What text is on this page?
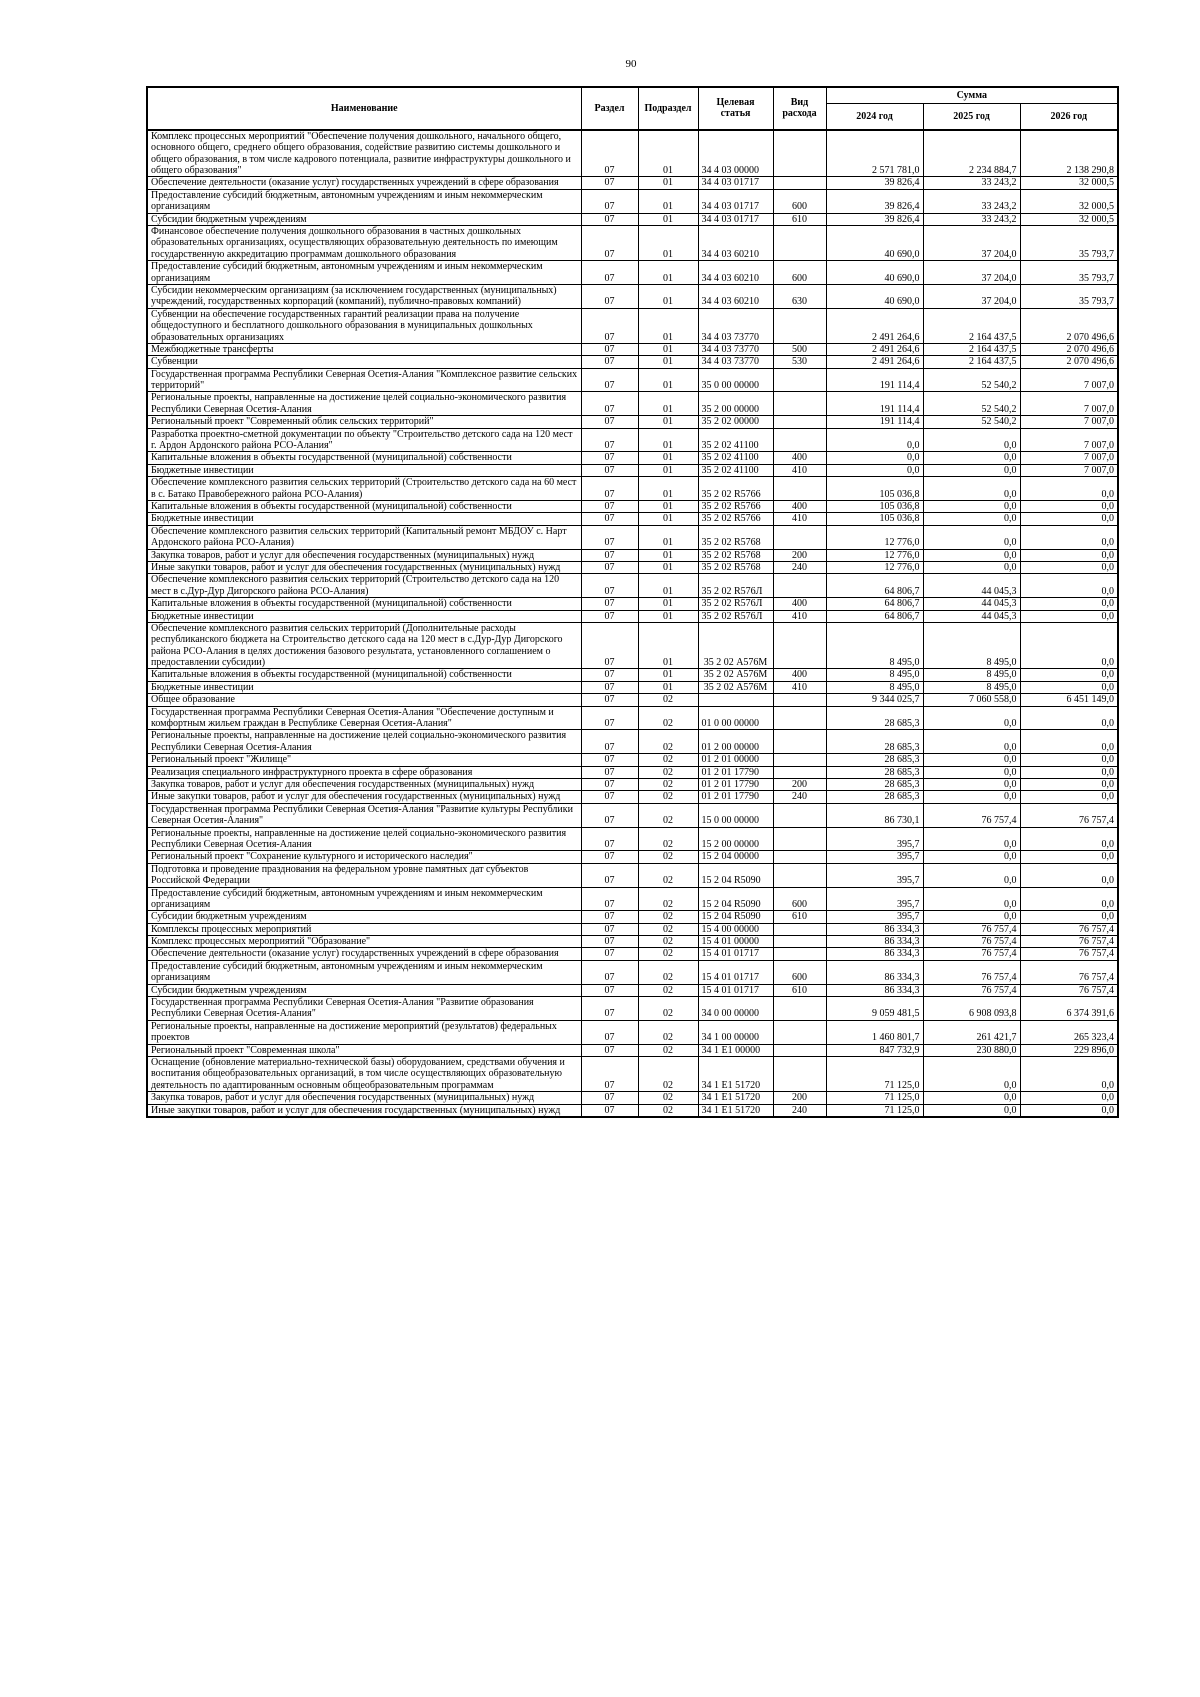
90
Наименование	Раздел	Подраздел	Целевая статья	Вид расхода	Сумма		
					2024 год	2025 год	2026 год
Комплекс процессных мероприятий "Обеспечение получения дошкольного, начального общего, основного общего, среднего общего образования, содействие развитию системы дошкольного и общего образования, в том числе кадрового потенциала, развитие инфраструктуры дошкольного и общего образования"	07	01	34 4 03 00000		2 571 781,0	2 234 884,7	2 138 290,8
Обеспечение деятельности (оказание услуг) государственных учреждений в сфере образования	07	01	34 4 03 01717		39 826,4	33 243,2	32 000,5
Предоставление субсидий бюджетным, автономным учреждениям и иным некоммерческим организациям	07	01	34 4 03 01717	600	39 826,4	33 243,2	32 000,5
Субсидии бюджетным учреждениям	07	01	34 4 03 01717	610	39 826,4	33 243,2	32 000,5
Финансовое обеспечение получения дошкольного образования в частных дошкольных образовательных организациях, осуществляющих образовательную деятельность по имеющим государственную аккредитацию программам дошкольного образования	07	01	34 4 03 60210		40 690,0	37 204,0	35 793,7
Предоставление субсидий бюджетным, автономным учреждениям и иным некоммерческим организациям	07	01	34 4 03 60210	600	40 690,0	37 204,0	35 793,7
Субсидии некоммерческим организациям (за исключением государственных (муниципальных) учреждений, государственных корпораций (компаний), публично-правовых компаний)	07	01	34 4 03 60210	630	40 690,0	37 204,0	35 793,7
Субвенции на обеспечение государственных гарантий реализации права на получение общедоступного и бесплатного дошкольного образования в муниципальных дошкольных образовательных организациях	07	01	34 4 03 73770		2 491 264,6	2 164 437,5	2 070 496,6
Межбюджетные трансферты	07	01	34 4 03 73770	500	2 491 264,6	2 164 437,5	2 070 496,6
Субвенции	07	01	34 4 03 73770	530	2 491 264,6	2 164 437,5	2 070 496,6
Государственная программа Республики Северная Осетия-Алания "Комплексное развитие сельских территорий"	07	01	35 0 00 00000		191 114,4	52 540,2	7 007,0
Региональные проекты, направленные на достижение целей социально-экономического развития Республики Северная Осетия-Алания	07	01	35 2 00 00000		191 114,4	52 540,2	7 007,0
Региональный проект "Современный облик сельских территорий"	07	01	35 2 02 00000		191 114,4	52 540,2	7 007,0
Разработка проектно-сметной документации по объекту "Строительство детского сада на 120 мест г. Ардон Ардонского района РСО-Алания"	07	01	35 2 02 41100		0,0	0,0	7 007,0
Капитальные вложения в объекты государственной (муниципальной) собственности	07	01	35 2 02 41100	400	0,0	0,0	7 007,0
Бюджетные инвестиции	07	01	35 2 02 41100	410	0,0	0,0	7 007,0
Обеспечение комплексного развития сельских территорий (Строительство детского сада на 60 мест в с. Батако Правобережного района РСО-Алания)	07	01	35 2 02 R5766		105 036,8	0,0	0,0
Капитальные вложения в объекты государственной (муниципальной) собственности	07	01	35 2 02 R5766	400	105 036,8	0,0	0,0
Бюджетные инвестиции	07	01	35 2 02 R5766	410	105 036,8	0,0	0,0
Обеспечение комплексного развития сельских территорий (Капитальный ремонт МБДОУ с. Нарт Ардонского района РСО-Алания)	07	01	35 2 02 R5768		12 776,0	0,0	0,0
Закупка товаров, работ и услуг для обеспечения государственных (муниципальных) нужд	07	01	35 2 02 R5768	200	12 776,0	0,0	0,0
Иные закупки товаров, работ и услуг для обеспечения государственных (муниципальных) нужд	07	01	35 2 02 R5768	240	12 776,0	0,0	0,0
Обеспечение комплексного развития сельских территорий (Строительство детского сада на 120 мест в с.Дур-Дур Дигорского района РСО-Алания)	07	01	35 2 02 R576Л		64 806,7	44 045,3	0,0
Капитальные вложения в объекты государственной (муниципальной) собственности	07	01	35 2 02 R576Л	400	64 806,7	44 045,3	0,0
Бюджетные инвестиции	07	01	35 2 02 R576Л	410	64 806,7	44 045,3	0,0
Обеспечение комплексного развития сельских территорий (Дополнительные расходы республиканского бюджета на Строительство детского сада на 120 мест в с.Дур-Дур Дигорского района РСО-Алания в целях достижения базового результата, установленного соглашением о предоставлении субсидии)	07	01	35 2 02 А576М		8 495,0	8 495,0	0,0
Капитальные вложения в объекты государственной (муниципальной) собственности	07	01	35 2 02 А576М	400	8 495,0	8 495,0	0,0
Бюджетные инвестиции	07	01	35 2 02 А576М	410	8 495,0	8 495,0	0,0
Общее образование	07	02			9 344 025,7	7 060 558,0	6 451 149,0
Государственная программа Республики Северная Осетия-Алания "Обеспечение доступным и комфортным жильем граждан в Республике Северная Осетия-Алания"	07	02	01 0 00 00000		28 685,3	0,0	0,0
Региональные проекты, направленные на достижение целей социально-экономического развития Республики Северная Осетия-Алания	07	02	01 2 00 00000		28 685,3	0,0	0,0
Региональный проект "Жилище"	07	02	01 2 01 00000		28 685,3	0,0	0,0
Реализация специального инфраструктурного проекта в сфере образования	07	02	01 2 01 17790		28 685,3	0,0	0,0
Закупка товаров, работ и услуг для обеспечения государственных (муниципальных) нужд	07	02	01 2 01 17790	200	28 685,3	0,0	0,0
Иные закупки товаров, работ и услуг для обеспечения государственных (муниципальных) нужд	07	02	01 2 01 17790	240	28 685,3	0,0	0,0
Государственная программа Республики Северная Осетия-Алания "Развитие культуры Республики Северная Осетия-Алания"	07	02	15 0 00 00000		86 730,1	76 757,4	76 757,4
Региональные проекты, направленные на достижение целей социально-экономического развития Республики Северная Осетия-Алания	07	02	15 2 00 00000		395,7	0,0	0,0
Региональный проект "Сохранение культурного и исторического наследия"	07	02	15 2 04 00000		395,7	0,0	0,0
Подготовка и проведение празднования на федеральном уровне памятных дат субъектов Российской Федерации	07	02	15 2 04 R5090		395,7	0,0	0,0
Предоставление субсидий бюджетным, автономным учреждениям и иным некоммерческим организациям	07	02	15 2 04 R5090	600	395,7	0,0	0,0
Субсидии бюджетным учреждениям	07	02	15 2 04 R5090	610	395,7	0,0	0,0
Комплексы процессных мероприятий	07	02	15 4 00 00000		86 334,3	76 757,4	76 757,4
Комплекс процессных мероприятий "Образование"	07	02	15 4 01 00000		86 334,3	76 757,4	76 757,4
Обеспечение деятельности (оказание услуг) государственных учреждений в сфере образования	07	02	15 4 01 01717		86 334,3	76 757,4	76 757,4
Предоставление субсидий бюджетным, автономным учреждениям и иным некоммерческим организациям	07	02	15 4 01 01717	600	86 334,3	76 757,4	76 757,4
Субсидии бюджетным учреждениям	07	02	15 4 01 01717	610	86 334,3	76 757,4	76 757,4
Государственная программа Республики Северная Осетия-Алания "Развитие образования Республики Северная Осетия-Алания"	07	02	34 0 00 00000		9 059 481,5	6 908 093,8	6 374 391,6
Региональные проекты, направленные на достижение мероприятий (результатов) федеральных проектов	07	02	34 1 00 00000		1 460 801,7	261 421,7	265 323,4
Региональный проект "Современная школа"	07	02	34 1 E1 00000		847 732,9	230 880,0	229 896,0
Оснащение (обновление материально-технической базы) оборудованием, средствами обучения и воспитания общеобразовательных организаций, в том числе осуществляющих образовательную деятельность по адаптированным основным общеобразовательным программам	07	02	34 1 E1 51720		71 125,0	0,0	0,0
Закупка товаров, работ и услуг для обеспечения государственных (муниципальных) нужд	07	02	34 1 E1 51720	200	71 125,0	0,0	0,0
Иные закупки товаров, работ и услуг для обеспечения государственных (муниципальных) нужд	07	02	34 1 E1 51720	240	71 125,0	0,0	0,0
